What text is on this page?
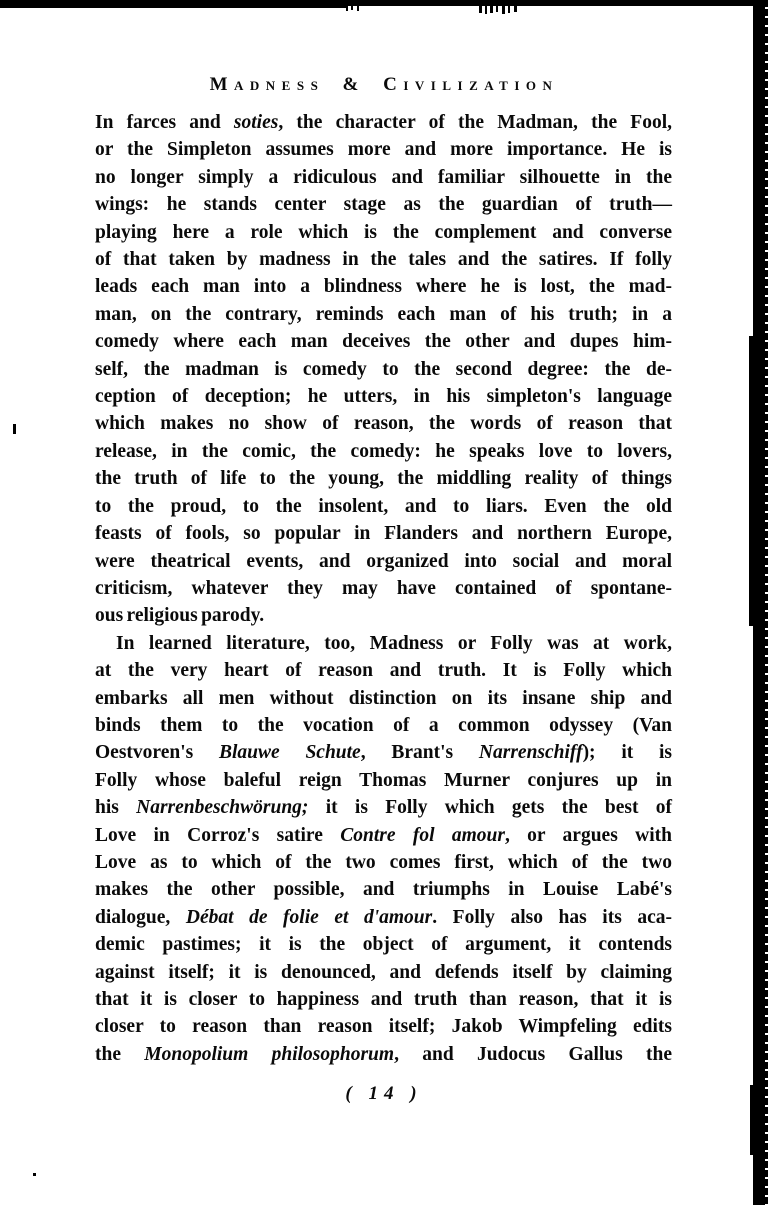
Madness & Civilization
In farces and soties, the character of the Madman, the Fool,
or the Simpleton assumes more and more importance. He is
no longer simply a ridiculous and familiar silhouette in the
wings: he stands center stage as the guardian of truth—
playing here a role which is the complement and converse
of that taken by madness in the tales and the satires. If folly
leads each man into a blindness where he is lost, the mad-
man, on the contrary, reminds each man of his truth; in a
comedy where each man deceives the other and dupes him-
self, the madman is comedy to the second degree: the de-
ception of deception; he utters, in his simpleton's language
which makes no show of reason, the words of reason that
release, in the comic, the comedy: he speaks love to lovers,
the truth of life to the young, the middling reality of things
to the proud, to the insolent, and to liars. Even the old
feasts of fools, so popular in Flanders and northern Europe,
were theatrical events, and organized into social and moral
criticism, whatever they may have contained of spontane-
ous religious parody.
In learned literature, too, Madness or Folly was at work,
at the very heart of reason and truth. It is Folly which
embarks all men without distinction on its insane ship and
binds them to the vocation of a common odyssey (Van
Oestvoren's Blauwe Schute, Brant's Narrenschiff); it is
Folly whose baleful reign Thomas Murner conjures up in
his Narrenbeschwörung; it is Folly which gets the best of
Love in Corroz's satire Contre fol amour, or argues with
Love as to which of the two comes first, which of the two
makes the other possible, and triumphs in Louise Labé's
dialogue, Débat de folie et d'amour. Folly also has its aca-
demic pastimes; it is the object of argument, it contends
against itself; it is denounced, and defends itself by claiming
that it is closer to happiness and truth than reason, that it is
closer to reason than reason itself; Jakob Wimpfeling edits
the Monopolium philosophorum, and Judocus Gallus the
( 14 )
